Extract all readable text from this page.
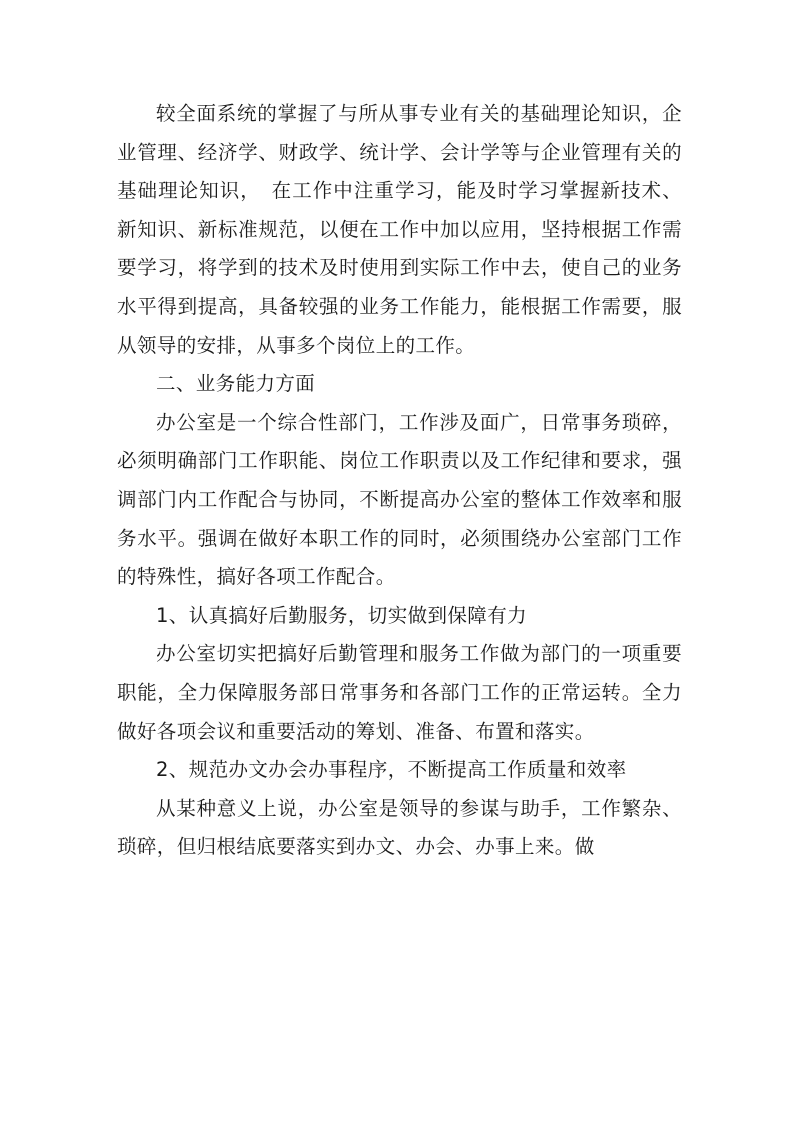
较全面系统的掌握了与所从事专业有关的基础理论知识，企业管理、经济学、财政学、统计学、会计学等与企业管理有关的基础理论知识，　在工作中注重学习，能及时学习掌握新技术、新知识、新标准规范，以便在工作中加以应用，坚持根据工作需要学习，将学到的技术及时使用到实际工作中去，使自己的业务水平得到提高，具备较强的业务工作能力，能根据工作需要，服从领导的安排，从事多个岗位上的工作。

二、业务能力方面

办公室是一个综合性部门，工作涉及面广，日常事务琐碎，必须明确部门工作职能、岗位工作职责以及工作纪律和要求，强调部门内工作配合与协同，不断提高办公室的整体工作效率和服务水平。强调在做好本职工作的同时，必须围绕办公室部门工作的特殊性，搞好各项工作配合。

1、认真搞好后勤服务，切实做到保障有力

办公室切实把搞好后勤管理和服务工作做为部门的一项重要职能，全力保障服务部日常事务和各部门工作的正常运转。全力做好各项会议和重要活动的筹划、准备、布置和落实。

2、规范办文办会办事程序，不断提高工作质量和效率

从某种意义上说，办公室是领导的参谋与助手，工作繁杂、琐碎，但归根结底要落实到办文、办会、办事上来。做
